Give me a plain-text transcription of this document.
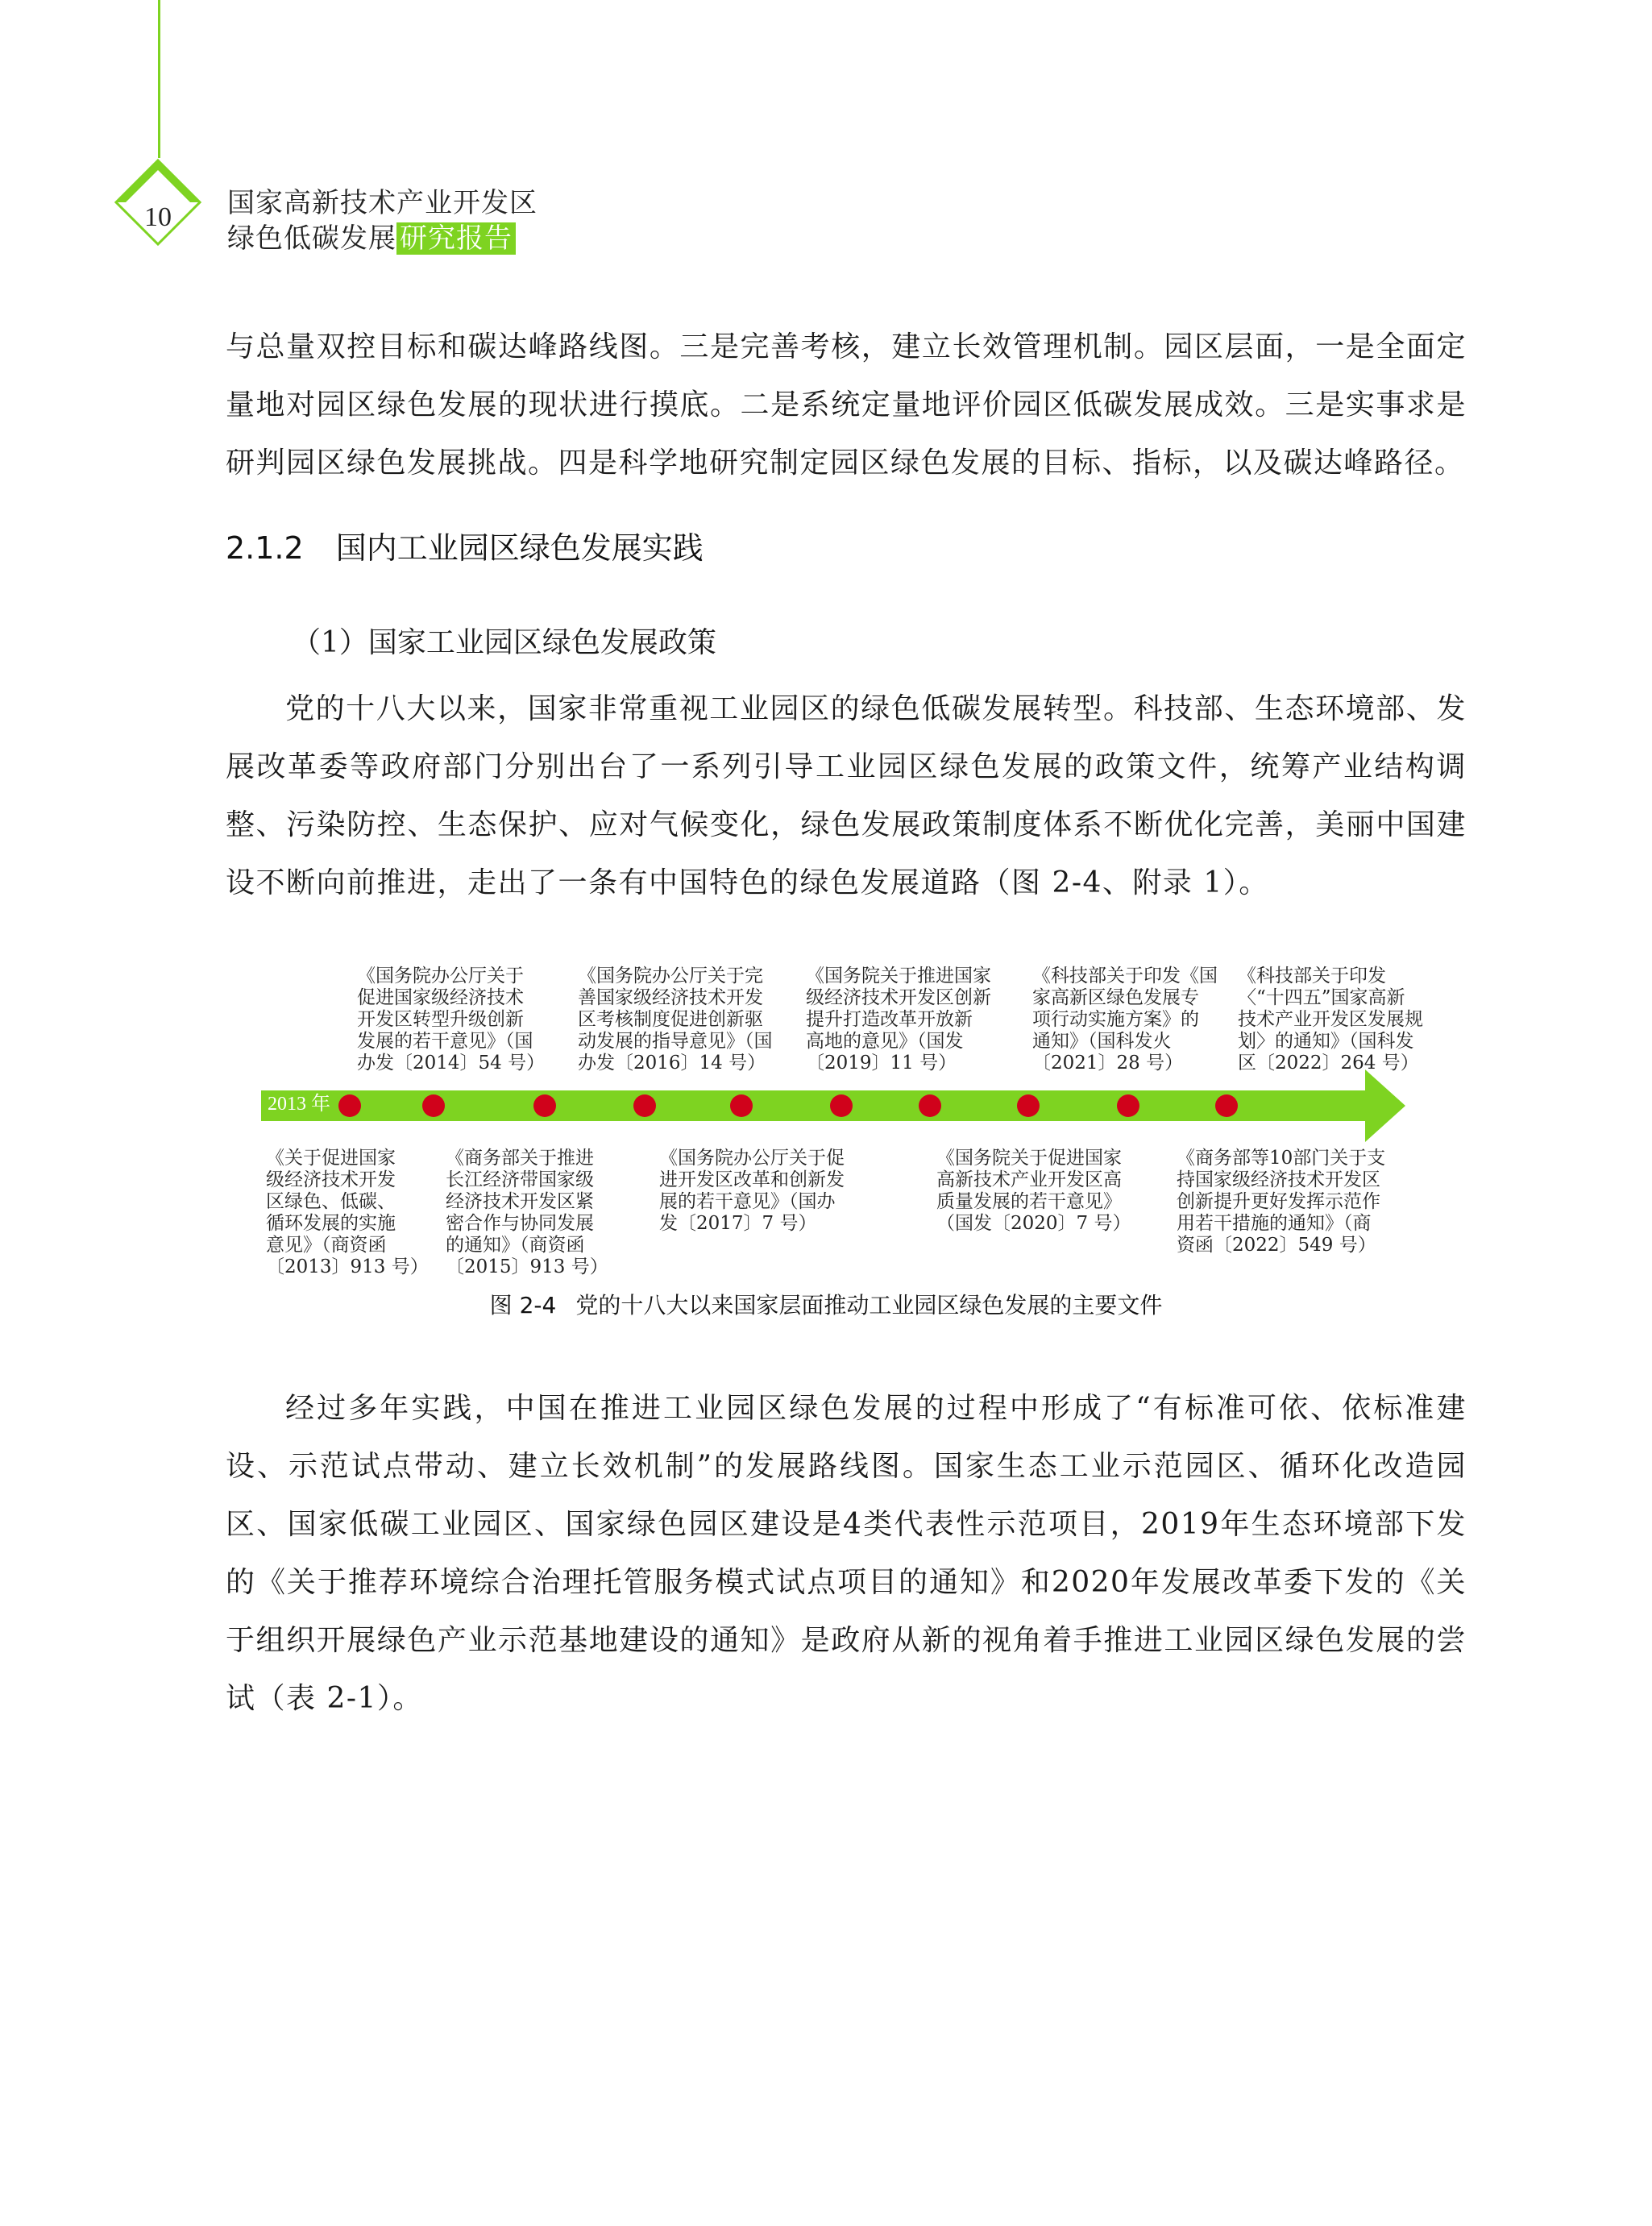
10	国家高新技术产业开发区
绿色低碳发展 研究报告
与总量双控目标和碳达峰路线图。三是完善考核，建立长效管理机制。园区层面，一是全面定量地对园区绿色发展的现状进行摸底。二是系统定量地评价园区低碳发展成效。三是实事求是研判园区绿色发展挑战。四是科学地研究制定园区绿色发展的目标、指标，以及碳达峰路径。
2.1.2 国内工业园区绿色发展实践
（1）国家工业园区绿色发展政策
党的十八大以来，国家非常重视工业园区的绿色低碳发展转型。科技部、生态环境部、发展改革委等政府部门分别出台了一系列引导工业园区绿色发展的政策文件，统筹产业结构调整、污染防控、生态保护、应对气候变化，绿色发展政策制度体系不断优化完善，美丽中国建设不断向前推进，走出了一条有中国特色的绿色发展道路（图 2-4、附录 1）。
《国务院办公厅关于
促进国家级经济技术
开发区转型升级创新
发展的若干意见》（国
办发〔2014〕54 号）
《国务院办公厅关于完
善国家级经济技术开发
区考核制度促进创新驱
动发展的指导意见》（国
办发〔2016〕14 号）
《国务院关于推进国家
级经济技术开发区创新
提升打造改革开放新
高地的意见》（国发
〔2019〕11 号）
《科技部关于印发《国
家高新区绿色发展专
项行动实施方案》的
通知》（国科发火
〔2021〕28 号）
《科技部关于印发
〈“十四五”国家高新
技术产业开发区发展规
划〉的通知》（国科发
区〔2022〕264 号）
2013 年
《关于促进国家
级经济技术开发
区绿色、低碳、
循环发展的实施
意见》（商资函
〔2013〕913 号）
《商务部关于推进
长江经济带国家级
经济技术开发区紧
密合作与协同发展
的通知》（商资函
〔2015〕913 号）
《国务院办公厅关于促
进开发区改革和创新发
展的若干意见》（国办
发〔2017〕7 号）
《国务院关于促进国家
高新技术产业开发区高
质量发展的若干意见》
（国发〔2020〕7 号）
《商务部等10部门关于支
持国家级经济技术开发区
创新提升更好发挥示范作
用若干措施的通知》（商
资函〔2022〕549 号）
图 2-4 党的十八大以来国家层面推动工业园区绿色发展的主要文件
经过多年实践，中国在推进工业园区绿色发展的过程中形成了“有标准可依、依标准建设、示范试点带动、建立长效机制”的发展路线图。国家生态工业示范园区、循环化改造园区、国家低碳工业园区、国家绿色园区建设是4类代表性示范项目，2019年生态环境部下发的《关于推荐环境综合治理托管服务模式试点项目的通知》和2020年发展改革委下发的《关于组织开展绿色产业示范基地建设的通知》是政府从新的视角着手推进工业园区绿色发展的尝试（表 2-1）。
